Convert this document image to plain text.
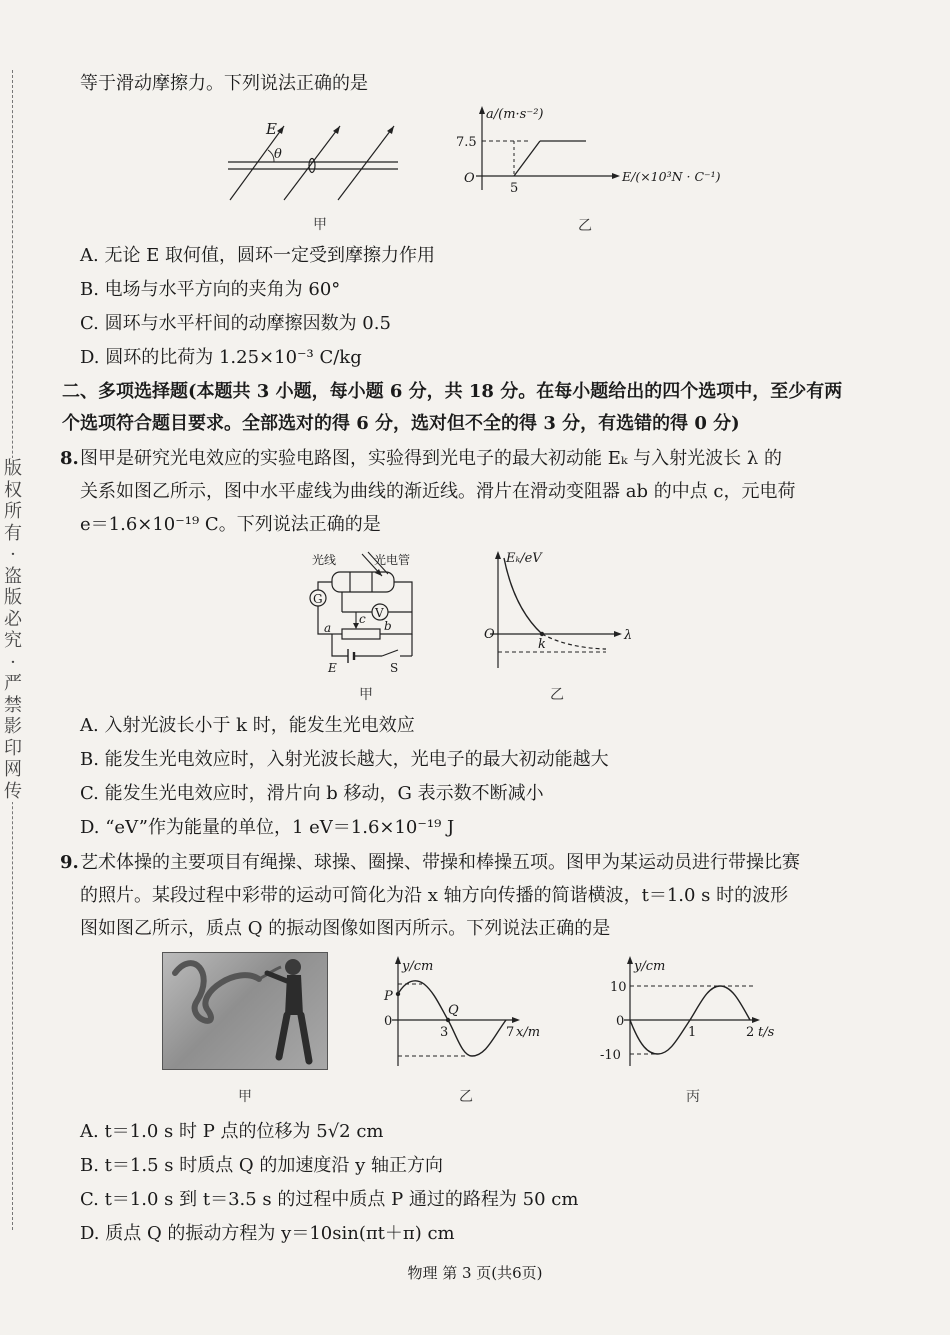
版权所有·盗版必究·严禁影印网传
等于滑动摩擦力。下列说法正确的是
E
θ
甲
a/(m·s⁻²)
7.5
O
5
E/(×10³N · C⁻¹)
乙
A. 无论 E 取何值，圆环一定受到摩擦力作用
B. 电场与水平方向的夹角为 60°
C. 圆环与水平杆间的动摩擦因数为 0.5
D. 圆环的比荷为 1.25×10⁻³ C/kg
二、多项选择题(本题共 3 小题，每小题 6 分，共 18 分。在每小题给出的四个选项中，至少有两
个选项符合题目要求。全部选对的得 6 分，选对但不全的得 3 分，有选错的得 0 分)
8. 图甲是研究光电效应的实验电路图，实验得到光电子的最大初动能 Eₖ 与入射光波长 λ 的
关系如图乙所示，图中水平虚线为曲线的渐近线。滑片在滑动变阻器 ab 的中点 c，元电荷
e＝1.6×10⁻¹⁹ C。下列说法正确的是
G
V
光线	光电管
a
c b
E	S
甲
Eₖ/eV
O
k
λ
乙
A. 入射光波长小于 k 时，能发生光电效应
B. 能发生光电效应时，入射光波长越大，光电子的最大初动能越大
C. 能发生光电效应时，滑片向 b 移动，G 表示数不断减小
D. “eV”作为能量的单位，1 eV＝1.6×10⁻¹⁹ J
9. 艺术体操的主要项目有绳操、球操、圈操、带操和棒操五项。图甲为某运动员进行带操比赛
的照片。某段过程中彩带的运动可简化为沿 x 轴方向传播的简谐横波，t＝1.0 s 时的波形
图如图乙所示，质点 Q 的振动图像如图丙所示。下列说法正确的是
甲
y/cm
P
Q
0
3	7 x/m
乙
y/cm
10
0
-10
1	2 t/s
丙
A. t＝1.0 s 时 P 点的位移为 5√2 cm
B. t＝1.5 s 时质点 Q 的加速度沿 y 轴正方向
C. t＝1.0 s 到 t＝3.5 s 的过程中质点 P 通过的路程为 50 cm
D. 质点 Q 的振动方程为 y＝10sin(πt＋π) cm
物理 第 3 页(共6页)
